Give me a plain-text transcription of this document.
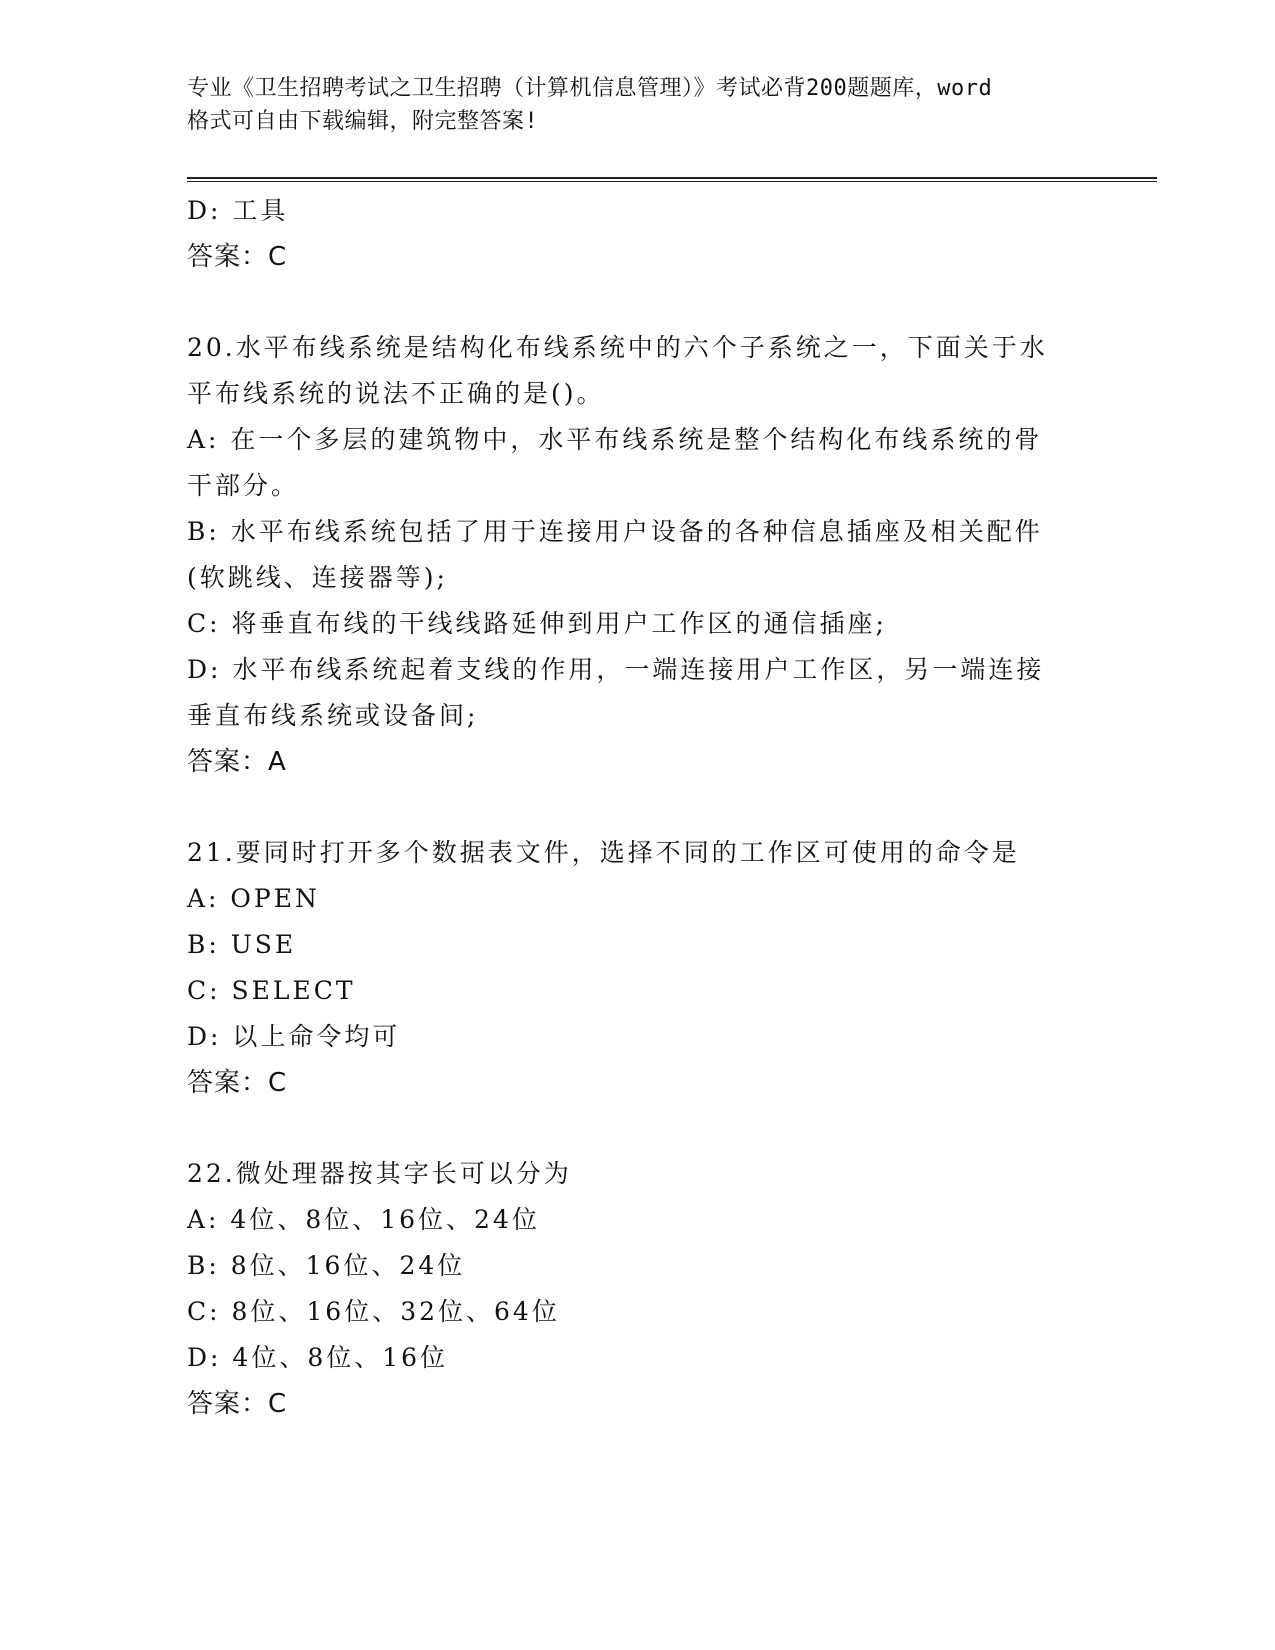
专业《卫生招聘考试之卫生招聘（计算机信息管理）》考试必背200题题库，word
格式可自由下载编辑，附完整答案!
D: 工具
答案：C
20.水平布线系统是结构化布线系统中的六个子系统之一，下面关于水
平布线系统的说法不正确的是()。
A: 在一个多层的建筑物中，水平布线系统是整个结构化布线系统的骨
干部分。
B: 水平布线系统包括了用于连接用户设备的各种信息插座及相关配件
(软跳线、连接器等);
C: 将垂直布线的干线线路延伸到用户工作区的通信插座;
D: 水平布线系统起着支线的作用，一端连接用户工作区，另一端连接
垂直布线系统或设备间;
答案：A
21.要同时打开多个数据表文件，选择不同的工作区可使用的命令是
A: OPEN
B: USE
C: SELECT
D: 以上命令均可
答案：C
22.微处理器按其字长可以分为
A: 4位、8位、16位、24位
B: 8位、16位、24位
C: 8位、16位、32位、64位
D: 4位、8位、16位
答案：C
